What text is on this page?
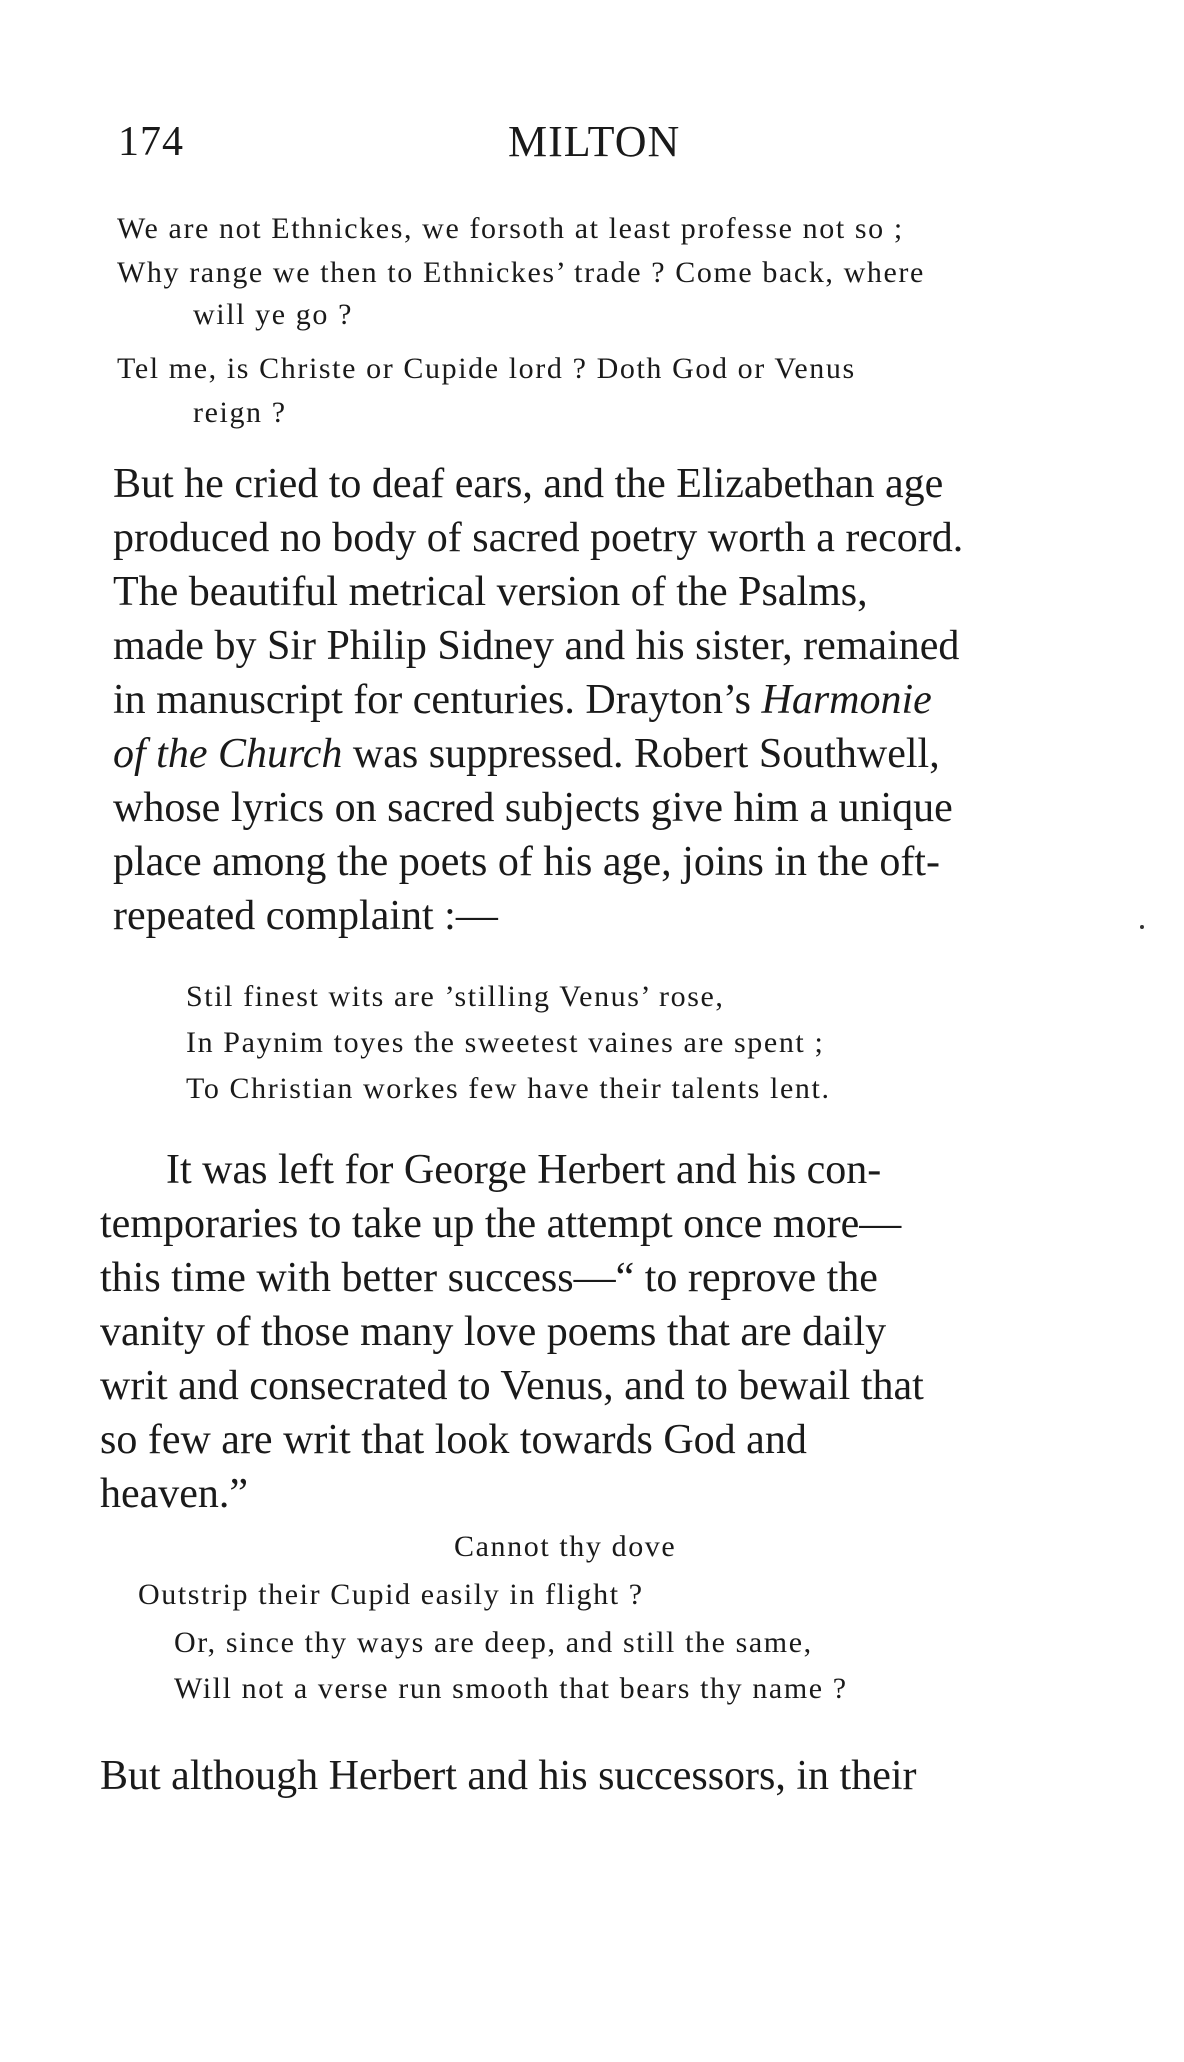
174	MILTON
We are not Ethnickes, we forsoth at least professe not so ;
Why range we then to Ethnickes’ trade ? Come back, where
will ye go ?
Tel me, is Christe or Cupide lord ? Doth God or Venus
reign ?
But he cried to deaf ears, and the Elizabethan age
produced no body of sacred poetry worth a record.
The beautiful metrical version of the Psalms,
made by Sir Philip Sidney and his sister, remained
in manuscript for centuries. Drayton’s Harmonie
of the Church was suppressed. Robert Southwell,
whose lyrics on sacred subjects give him a unique
place among the poets of his age, joins in the oft-
repeated complaint :—
Stil finest wits are ’stilling Venus’ rose,
In Paynim toyes the sweetest vaines are spent ;
To Christian workes few have their talents lent.
It was left for George Herbert and his con-
temporaries to take up the attempt once more—
this time with better success—“ to reprove the
vanity of those many love poems that are daily
writ and consecrated to Venus, and to bewail that
so few are writ that look towards God and
heaven.”
Cannot thy dove
Outstrip their Cupid easily in flight ?
Or, since thy ways are deep, and still the same,
Will not a verse run smooth that bears thy name ?
But although Herbert and his successors, in their
